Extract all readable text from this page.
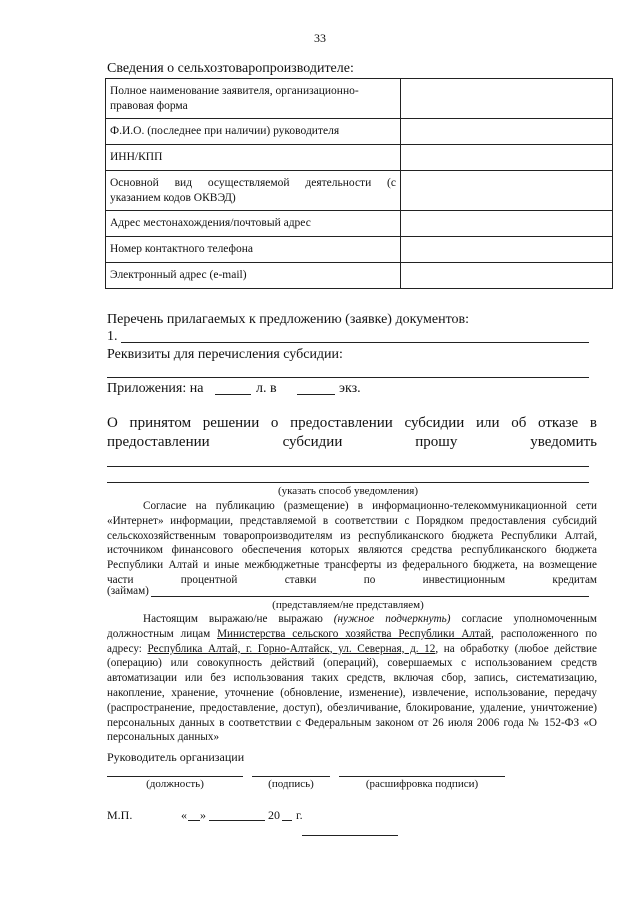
33
Сведения о сельхозтоваропроизводителе:
Полное наименование заявителя, организационно-правовая форма	
Ф.И.О. (последнее при наличии) руководителя	
ИНН/КПП	
Основной вид осуществляемой деятельности (с указанием кодов ОКВЭД)	
Адрес местонахождения/почтовый адрес	
Номер контактного телефона	
Электронный адрес (e-mail)	
Перечень прилагаемых к предложению (заявке) документов:
1.
Реквизиты для перечисления субсидии:
Приложения: на	л. в	экз.
О принятом решении о предоставлении субсидии или об отказе в предоставлении субсидии прошу уведомить
(указать способ уведомления)
Согласие на публикацию (размещение) в информационно-телекоммуникационной сети «Интернет» информации, представляемой в соответствии с Порядком предоставления субсидий сельскохозяйственным товаропроизводителям из республиканского бюджета Республики Алтай, источником финансового обеспечения которых являются средства республиканского бюджета Республики Алтай и иные межбюджетные трансферты из федерального бюджета, на возмещение части процентной ставки по инвестиционным кредитам
(займам)
(представляем/не представляем)
Настоящим выражаю/не выражаю (нужное подчеркнуть) согласие уполномоченным должностным лицам Министерства сельского хозяйства Республики Алтай, расположенного по адресу: Республика Алтай, г. Горно-Алтайск, ул. Северная, д. 12, на обработку (любое действие (операцию) или совокупность действий (операций), совершаемых с использованием средств автоматизации или без использования таких средств, включая сбор, запись, систематизацию, накопление, хранение, уточнение (обновление, изменение), извлечение, использование, передачу (распространение, предоставление, доступ), обезличивание, блокирование, удаление, уничтожение) персональных данных в соответствии с Федеральным законом от 26 июля 2006 года № 152-ФЗ «О персональных данных»
Руководитель организации
(должность)	(подпись)	(расшифровка подписи)
М.П.	« »	20 г.
